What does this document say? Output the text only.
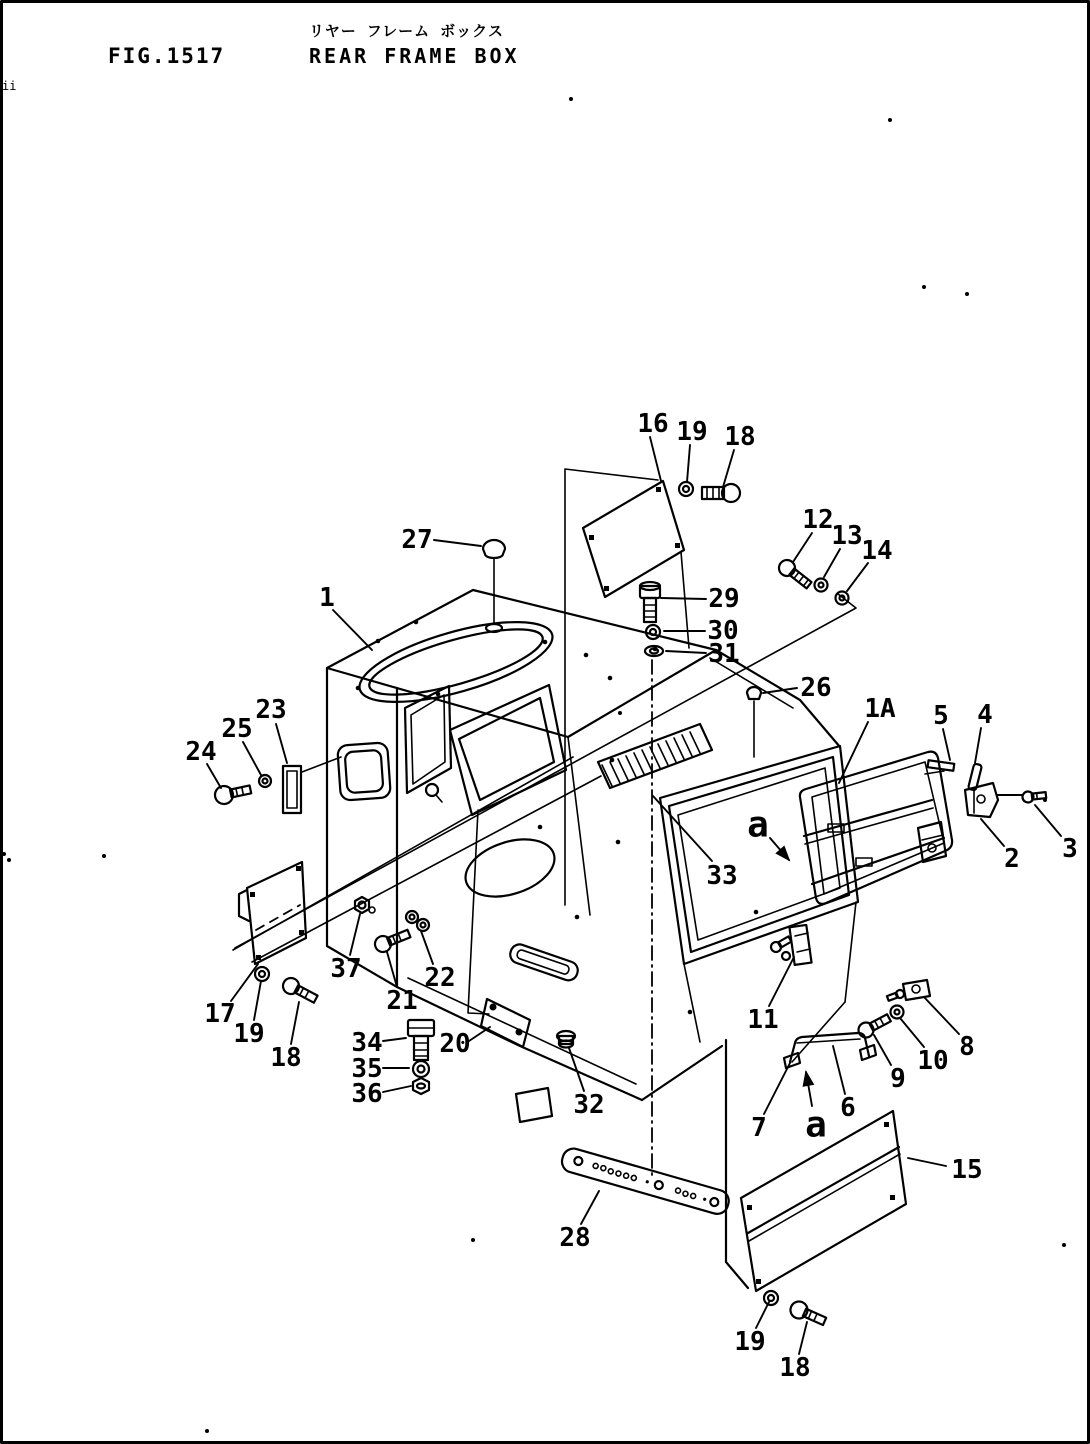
FIG.1517
リヤー フレーム ボックス
REAR FRAME BOX
ii
16 19 18
27
1	29
30
31
12
13
14
26
1A 5 4
23
25
24
2 3
a
33
37 22
21
17
19
18 34
35
36
20
32
11
8
10
9
7 a 6
15
28
19
18
